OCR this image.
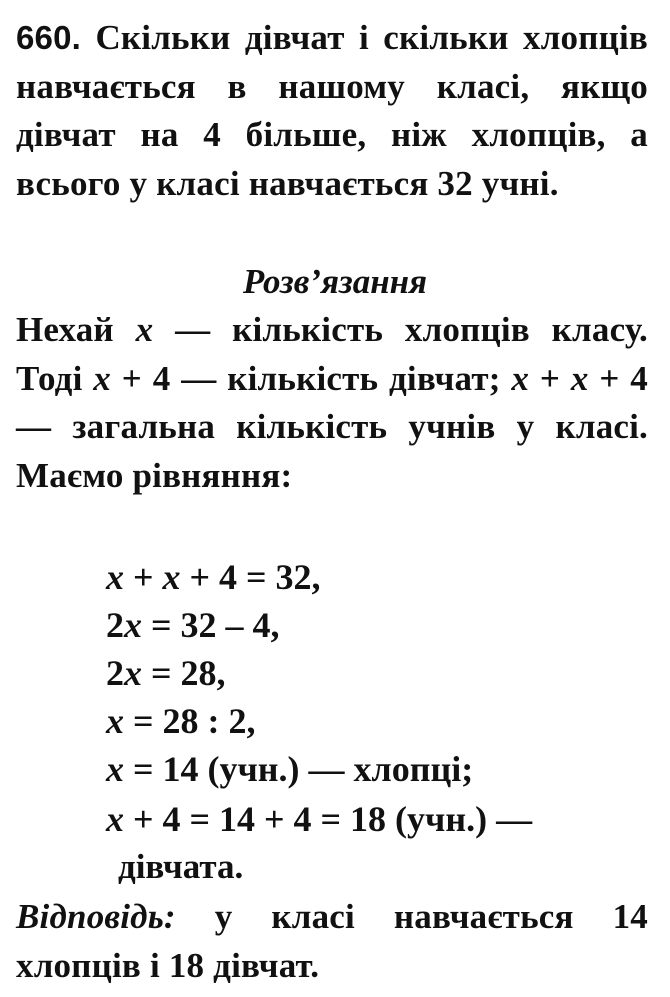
660. Скільки дівчат і скільки хлопців навчається в нашому класі, якщо дівчат на 4 більше, ніж хлопців, а всього у класі навчається 32 учні.
Розв’язання
Нехай x — кількість хлопців класу. Тоді x + 4 — кількість дівчат; x + x + 4 — загальна кількість учнів у класі. Маємо рівняння:
x + x + 4 = 32,
2x = 32 – 4,
2x = 28,
x = 28 : 2,
x = 14 (учн.) — хлопці;
x + 4 = 14 + 4 = 18 (учн.) —
дівчата.
Відповідь: у класі навчається 14 хлопців і 18 дівчат.
